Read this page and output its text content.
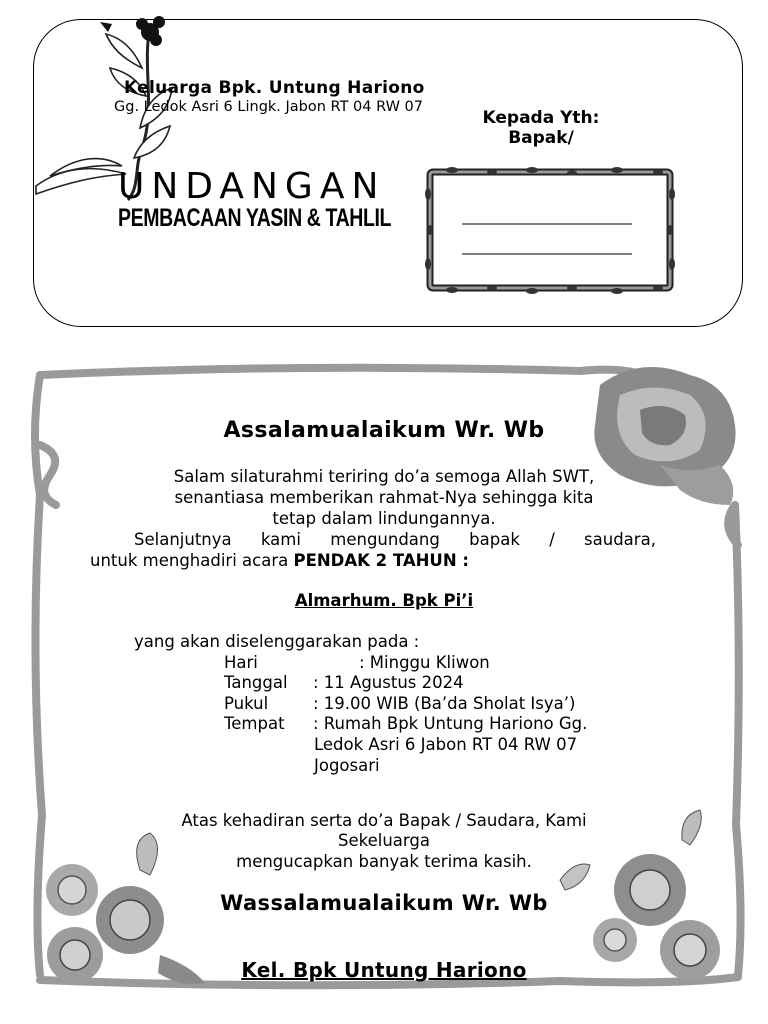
Keluarga Bpk. Untung Hariono
Gg. Ledok Asri 6 Lingk. Jabon RT 04 RW 07
Kepada Yth:
Bapak/
UNDANGAN
PEMBACAAN YASIN & TAHLIL
Assalamualaikum Wr. Wb
Salam silaturahmi teriring do’a semoga Allah SWT,
senantiasa memberikan rahmat-Nya sehingga kita
tetap dalam lindungannya.
Selanjutnya kami mengundang bapak / saudara,
untuk menghadiri acara PENDAK 2 TAHUN :
Almarhum. Bpk Pi’i
yang akan diselenggarakan pada :
Hari	: Minggu Kliwon
Tanggal : 11 Agustus 2024
Pukul	: 19.00 WIB (Ba’da Sholat Isya’)
Tempat : Rumah Bpk Untung Hariono Gg.
Ledok Asri 6 Jabon RT 04 RW 07
Jogosari
Atas kehadiran serta do’a Bapak / Saudara, Kami
Sekeluarga
mengucapkan banyak terima kasih.
Wassalamualaikum Wr. Wb
Kel. Bpk Untung Hariono
